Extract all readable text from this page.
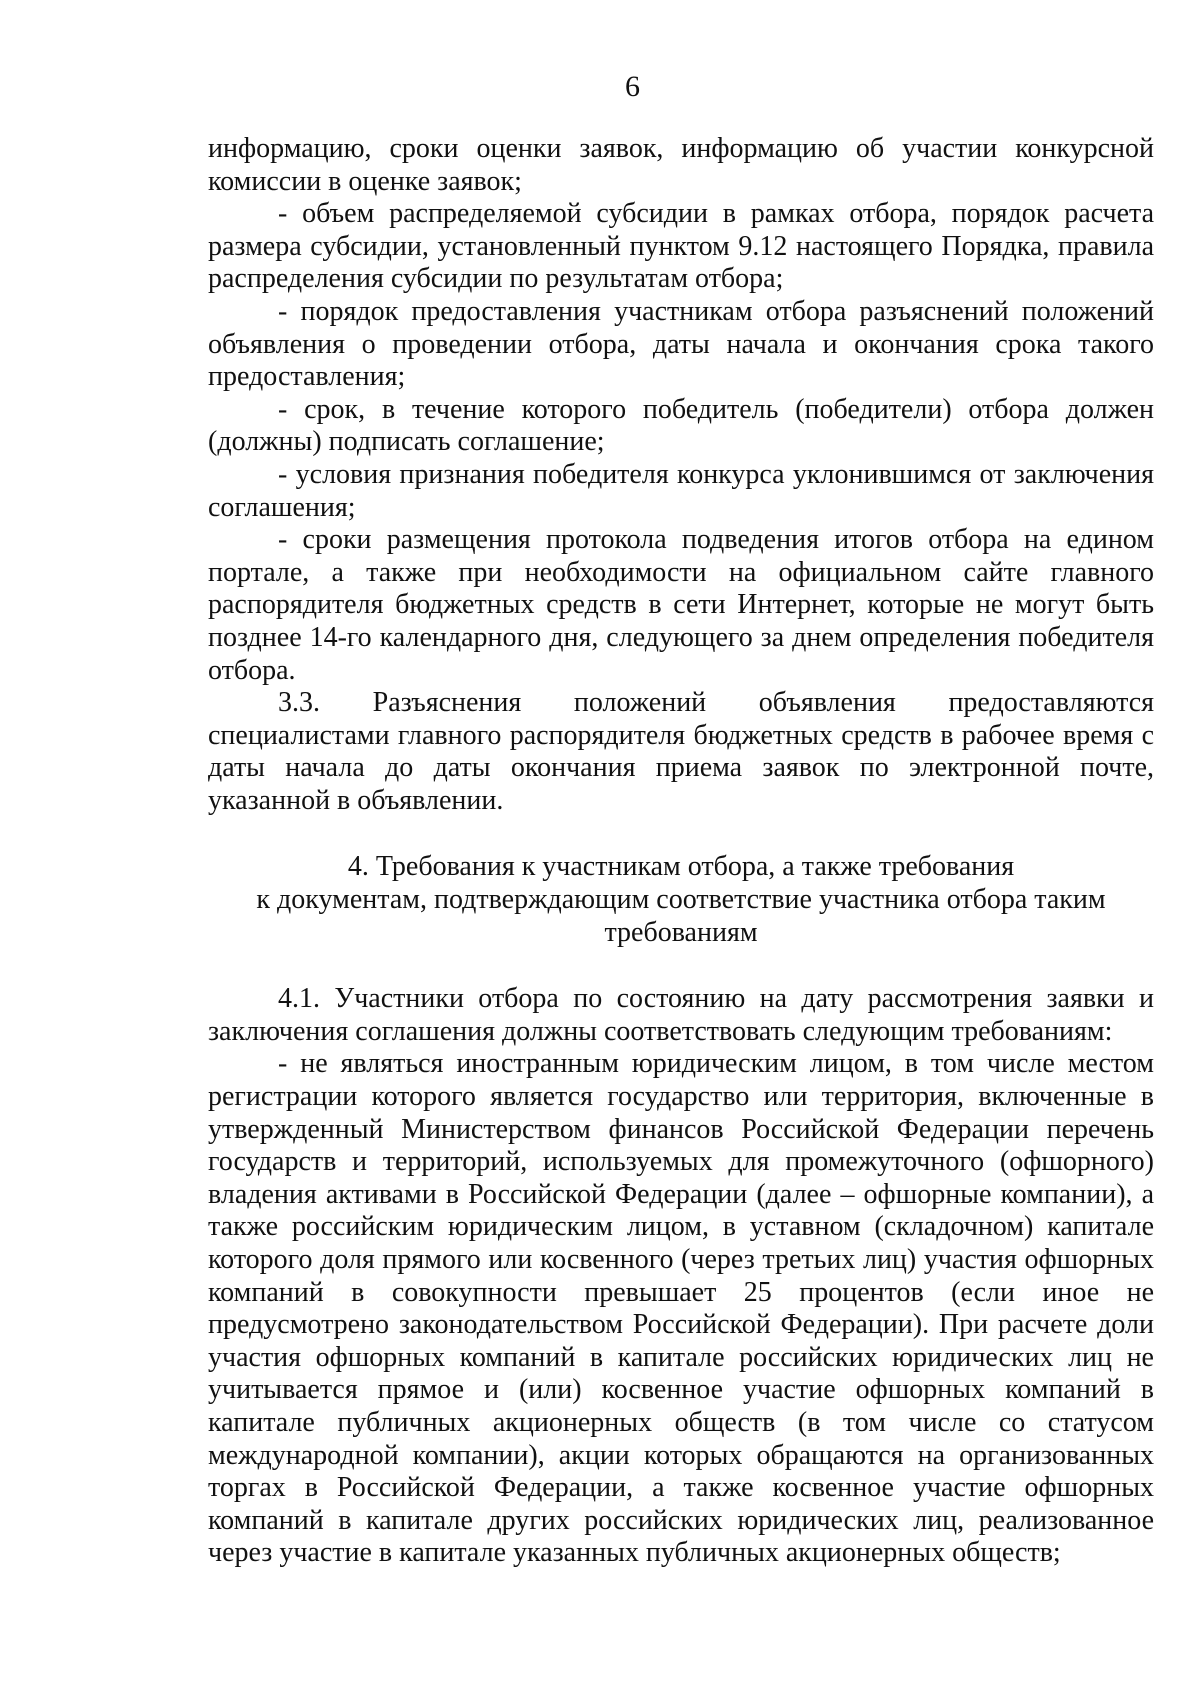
6

информацию, сроки оценки заявок, информацию об участии конкурсной комиссии в оценке заявок;

- объем распределяемой субсидии в рамках отбора, порядок расчета размера субсидии, установленный пунктом 9.12 настоящего Порядка, правила распределения субсидии по результатам отбора;

- порядок предоставления участникам отбора разъяснений положений объявления о проведении отбора, даты начала и окончания срока такого предоставления;

- срок, в течение которого победитель (победители) отбора должен (должны) подписать соглашение;

- условия признания победителя конкурса уклонившимся от заключения соглашения;

- сроки размещения протокола подведения итогов отбора на едином портале, а также при необходимости на официальном сайте главного распорядителя бюджетных средств в сети Интернет, которые не могут быть позднее 14-го календарного дня, следующего за днем определения победителя отбора.

3.3. Разъяснения положений объявления предоставляются специалистами главного распорядителя бюджетных средств в рабочее время с даты начала до даты окончания приема заявок по электронной почте, указанной в объявлении.

4. Требования к участникам отбора, а также требования
к документам, подтверждающим соответствие участника отбора таким
требованиям

4.1. Участники отбора по состоянию на дату рассмотрения заявки и заключения соглашения должны соответствовать следующим требованиям:

- не являться иностранным юридическим лицом, в том числе местом регистрации которого является государство или территория, включенные в утвержденный Министерством финансов Российской Федерации перечень государств и территорий, используемых для промежуточного (офшорного) владения активами в Российской Федерации (далее – офшорные компании), а также российским юридическим лицом, в уставном (складочном) капитале которого доля прямого или косвенного (через третьих лиц) участия офшорных компаний в совокупности превышает 25 процентов (если иное не предусмотрено законодательством Российской Федерации). При расчете доли участия офшорных компаний в капитале российских юридических лиц не учитывается прямое и (или) косвенное участие офшорных компаний в капитале публичных акционерных обществ (в том числе со статусом международной компании), акции которых обращаются на организованных торгах в Российской Федерации, а также косвенное участие офшорных компаний в капитале других российских юридических лиц, реализованное через участие в капитале указанных публичных акционерных обществ;
